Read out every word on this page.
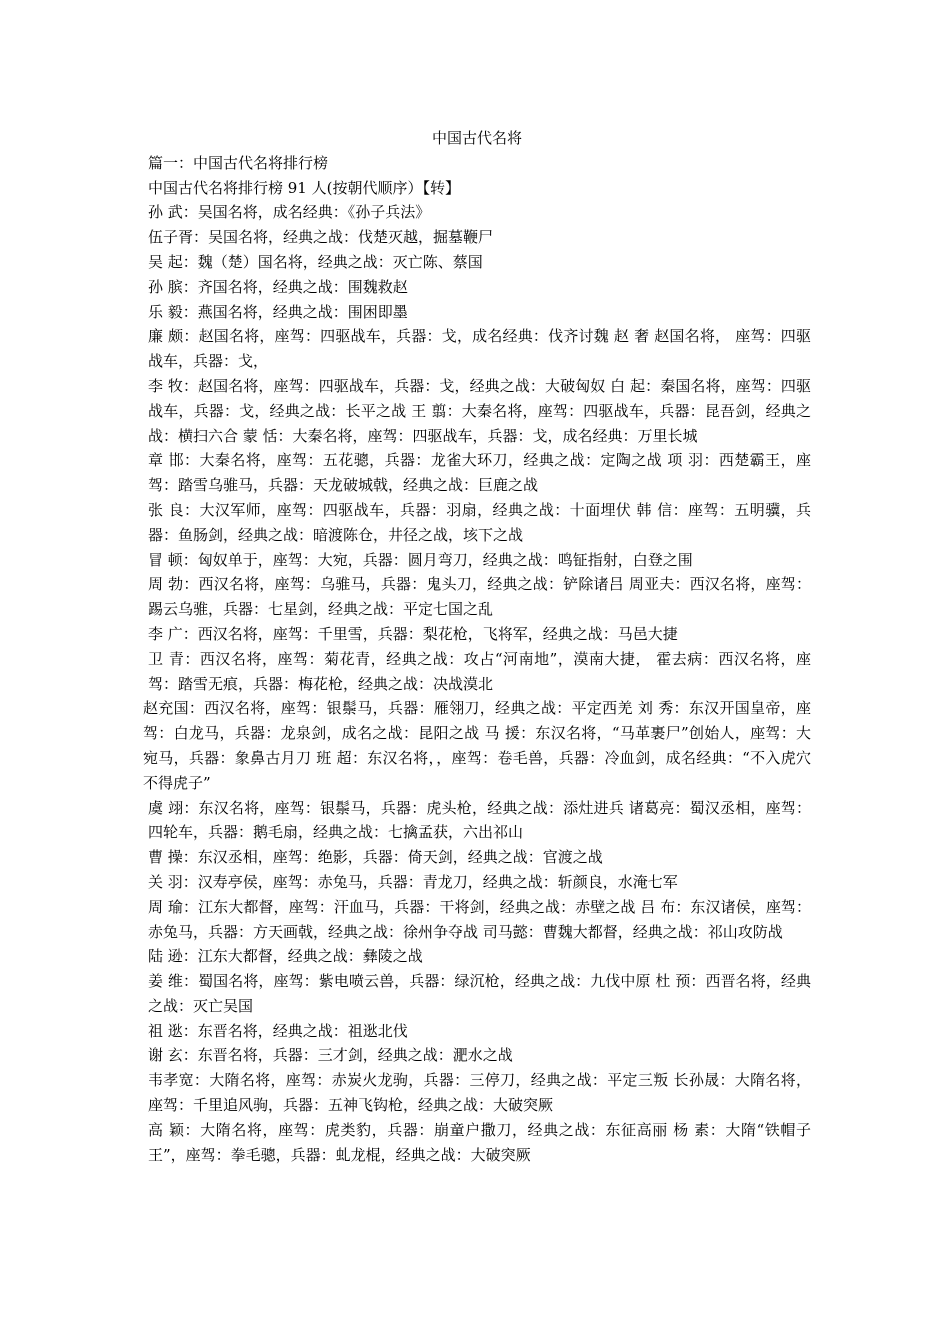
中国古代名将
篇一：中国古代名将排行榜
中国古代名将排行榜 91 人(按朝代顺序）【转】
孙 武：吴国名将，成名经典：《孙子兵法》
伍子胥：吴国名将，经典之战：伐楚灭越，掘墓鞭尸
吴 起：魏（楚）国名将，经典之战：灭亡陈、蔡国
孙 膑：齐国名将，经典之战：围魏救赵
乐 毅：燕国名将，经典之战：围困即墨
廉 颇：赵国名将，座驾：四驱战车，兵器：戈，成名经典：伐齐讨魏 赵 奢 赵国名将， 座驾：四驱战车，兵器：戈，
李 牧：赵国名将，座驾：四驱战车，兵器：戈，经典之战：大破匈奴 白 起：秦国名将，座驾：四驱战车，兵器：戈，经典之战：长平之战 王 翦：大秦名将，座驾：四驱战车，兵器：昆吾剑，经典之战：横扫六合 蒙 恬：大秦名将，座驾：四驱战车，兵器：戈，成名经典：万里长城
章 邯：大秦名将，座驾：五花骢，兵器：龙雀大环刀，经典之战：定陶之战 项 羽：西楚霸王，座驾：踏雪乌骓马，兵器：天龙破城戟，经典之战：巨鹿之战
张 良：大汉军师，座驾：四驱战车，兵器：羽扇，经典之战：十面埋伏 韩 信：座驾：五明骥，兵器：鱼肠剑，经典之战：暗渡陈仓，井径之战，垓下之战
冒 顿：匈奴单于，座驾：大宛，兵器：圆月弯刀，经典之战：鸣钲指射，白登之围
周 勃：西汉名将，座驾：乌骓马，兵器：鬼头刀，经典之战：铲除诸吕 周亚夫：西汉名将，座驾：踢云乌骓，兵器：七星剑，经典之战：平定七国之乱
李 广：西汉名将，座驾：千里雪，兵器：梨花枪，飞将军，经典之战：马邑大捷
卫 青：西汉名将，座驾：菊花青，经典之战：攻占“河南地”，漠南大捷， 霍去病：西汉名将，座驾：踏雪无痕，兵器：梅花枪，经典之战：决战漠北
赵充国：西汉名将，座驾：银鬃马，兵器：雁翎刀，经典之战：平定西羌 刘 秀：东汉开国皇帝，座驾：白龙马，兵器：龙泉剑，成名之战：昆阳之战 马 援：东汉名将，“马革裹尸”创始人，座驾：大宛马，兵器：象鼻古月刀 班 超：东汉名将，，座驾：卷毛兽，兵器：冷血剑，成名经典：“不入虎穴不得虎子”
虞 翊：东汉名将，座驾：银鬃马，兵器：虎头枪，经典之战：添灶进兵 诸葛亮：蜀汉丞相，座驾：四轮车，兵器：鹅毛扇，经典之战：七擒孟获，六出祁山
曹 操：东汉丞相，座驾：绝影，兵器：倚天剑，经典之战：官渡之战
关 羽：汉寿亭侯，座驾：赤兔马，兵器：青龙刀，经典之战：斩颜良，水淹七军
周 瑜：江东大都督，座驾：汗血马，兵器：干将剑，经典之战：赤壁之战 吕 布：东汉诸侯，座驾：赤兔马，兵器：方天画戟，经典之战：徐州争夺战 司马懿：曹魏大都督，经典之战：祁山攻防战
陆 逊：江东大都督，经典之战：彝陵之战
姜 维：蜀国名将，座驾：紫电喷云兽，兵器：绿沉枪，经典之战：九伐中原 杜 预：西晋名将，经典之战：灭亡吴国
祖 逖：东晋名将，经典之战：祖逖北伐
谢 玄：东晋名将，兵器：三才剑，经典之战：淝水之战
韦孝宽：大隋名将，座驾：赤炭火龙驹，兵器：三停刀，经典之战：平定三叛 长孙晟：大隋名将，座驾：千里追风驹，兵器：五神飞钩枪，经典之战：大破突厥
高 颖：大隋名将，座驾：虎类豹，兵器：崩童户撒刀，经典之战：东征高丽 杨 素：大隋“铁帽子王”，座驾：拳毛骢，兵器：虬龙棍，经典之战：大破突厥
